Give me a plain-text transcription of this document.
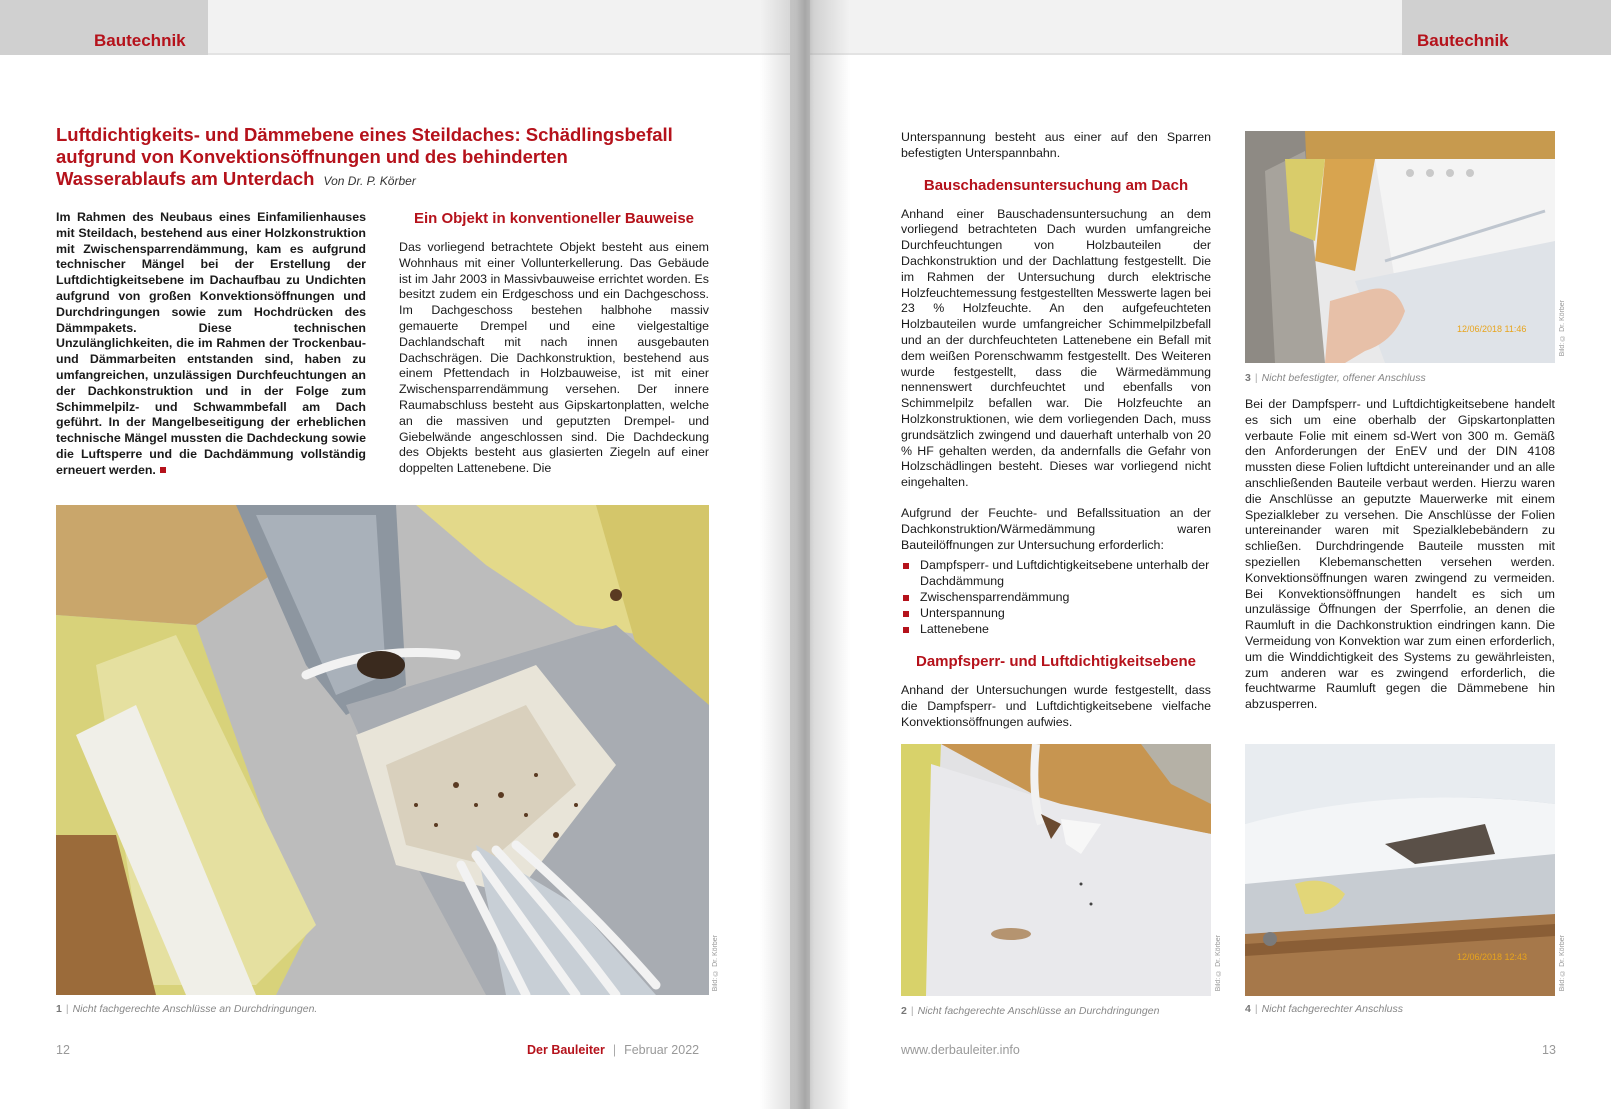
Bautechnik
Luftdichtigkeits- und Dämmebene eines Steildaches: Schädlingsbefall aufgrund von Konvektionsöffnungen und des behinderten Wasserablaufs am Unterdach Von Dr. P. Körber

Im Rahmen des Neubaus eines Einfamilienhauses mit Steildach, bestehend aus einer Holzkonstruktion mit Zwischensparrendämmung, kam es aufgrund technischer Mängel bei der Erstellung der Luftdichtigkeitsebene im Dachaufbau zu Undichten aufgrund von großen Konvektionsöffnungen und Durchdringungen sowie zum Hochdrücken des Dämmpakets. Diese technischen Unzulänglichkeiten, die im Rahmen der Trockenbau- und Dämmarbeiten entstanden sind, haben zu umfangreichen, unzulässigen Durchfeuchtungen an der Dachkonstruktion und in der Folge zum Schimmelpilz- und Schwammbefall am Dach geführt. In der Mangelbeseitigung der erheblichen technische Mängel mussten die Dachdeckung sowie die Luftsperre und die Dachdämmung vollständig erneuert werden.

Ein Objekt in konventioneller Bauweise

Das vorliegend betrachtete Objekt besteht aus einem Wohnhaus mit einer Vollunterkellerung. Das Gebäude ist im Jahr 2003 in Massivbauweise errichtet worden. Es besitzt zudem ein Erdgeschoss und ein Dachgeschoss. Im Dachgeschoss bestehen halbhohe massiv gemauerte Drempel und eine vielgestaltige Dachlandschaft mit nach innen ausgebauten Dachschrägen. Die Dachkonstruktion, bestehend aus einem Pfettendach in Holzbauweise, ist mit einer Zwischensparrendämmung versehen. Der innere Raumabschluss besteht aus Gipskartonplatten, welche an die massiven und geputzten Drempel- und Giebelwände angeschlossen sind. Die Dachdeckung des Objekts besteht aus glasierten Ziegeln auf einer doppelten Lattenebene. Die

Bild: © Dr. Körber
1 | Nicht fachgerechte Anschlüsse an Durchdringungen.
12	Der Bauleiter | Februar 2022
Bautechnik

Unterspannung besteht aus einer auf den Sparren befestigten Unterspannbahn.

Bauschadensuntersuchung am Dach

Anhand einer Bauschadensuntersuchung an dem vorliegend betrachteten Dach wurden umfangreiche Durchfeuchtungen von Holzbauteilen der Dachkonstruktion und der Dachlattung festgestellt. Die im Rahmen der Untersuchung durch elektrische Holzfeuchtemessung festgestellten Messwerte lagen bei 23 % Holzfeuchte. An den aufgefeuchteten Holzbauteilen wurde umfangreicher Schimmelpilzbefall und an der durchfeuchteten Lattenebene ein Befall mit dem weißen Porenschwamm festgestellt. Des Weiteren wurde festgestellt, dass die Wärmedämmung nennenswert durchfeuchtet und ebenfalls von Schimmelpilz befallen war. Die Holzfeuchte an Holzkonstruktionen, wie dem vorliegenden Dach, muss grundsätzlich zwingend und dauerhaft unterhalb von 20 % HF gehalten werden, da andernfalls die Gefahr von Holzschädlingen besteht. Dieses war vorliegend nicht eingehalten.

Aufgrund der Feuchte- und Befallssituation an der Dachkonstruktion/Wärmedämmung waren Bauteilöffnungen zur Untersuchung erforderlich:

Dampfsperr- und Luftdichtigkeitsebene unterhalb der Dachdämmung
Zwischensparrendämmung
Unterspannung
Lattenebene
Dampfsperr- und Luftdichtigkeitsebene

Anhand der Untersuchungen wurde festgestellt, dass die Dampfsperr- und Luftdichtigkeitsebene vielfache Konvektionsöffnungen aufwies.

12/06/2018 11:46	Bild: © Dr. Körber
3 | Nicht befestigter, offener Anschluss

Bei der Dampfsperr- und Luftdichtigkeitsebene handelt es sich um eine oberhalb der Gipskartonplatten verbaute Folie mit einem sd-Wert von 300 m. Gemäß den Anforderungen der EnEV und der DIN 4108 mussten diese Folien luftdicht untereinander und an alle anschließenden Bauteile verbaut werden. Hierzu waren die Anschlüsse an geputzte Mauerwerke mit einem Spezialkleber zu versehen. Die Anschlüsse der Folien untereinander waren mit Spezialklebebändern zu schließen. Durchdringende Bauteile mussten mit speziellen Klebemanschetten versehen werden. Konvektionsöffnungen waren zwingend zu vermeiden. Bei Konvektionsöffnungen handelt es sich um unzulässige Öffnungen der Sperrfolie, an denen die Raumluft in die Dachkonstruktion eindringen kann. Die Vermeidung von Konvektion war zum einen erforderlich, um die Winddichtigkeit des Systems zu gewährleisten, zum anderen war es zwingend erforderlich, die feuchtwarme Raumluft gegen die Dämmebene hin abzusperren.

Bild: © Dr. Körber
2 | Nicht fachgerechte Anschlüsse an Durchdringungen
12/06/2018 12:43	Bild: © Dr. Körber
4 | Nicht fachgerechter Anschluss
www.derbauleiter.info	13
